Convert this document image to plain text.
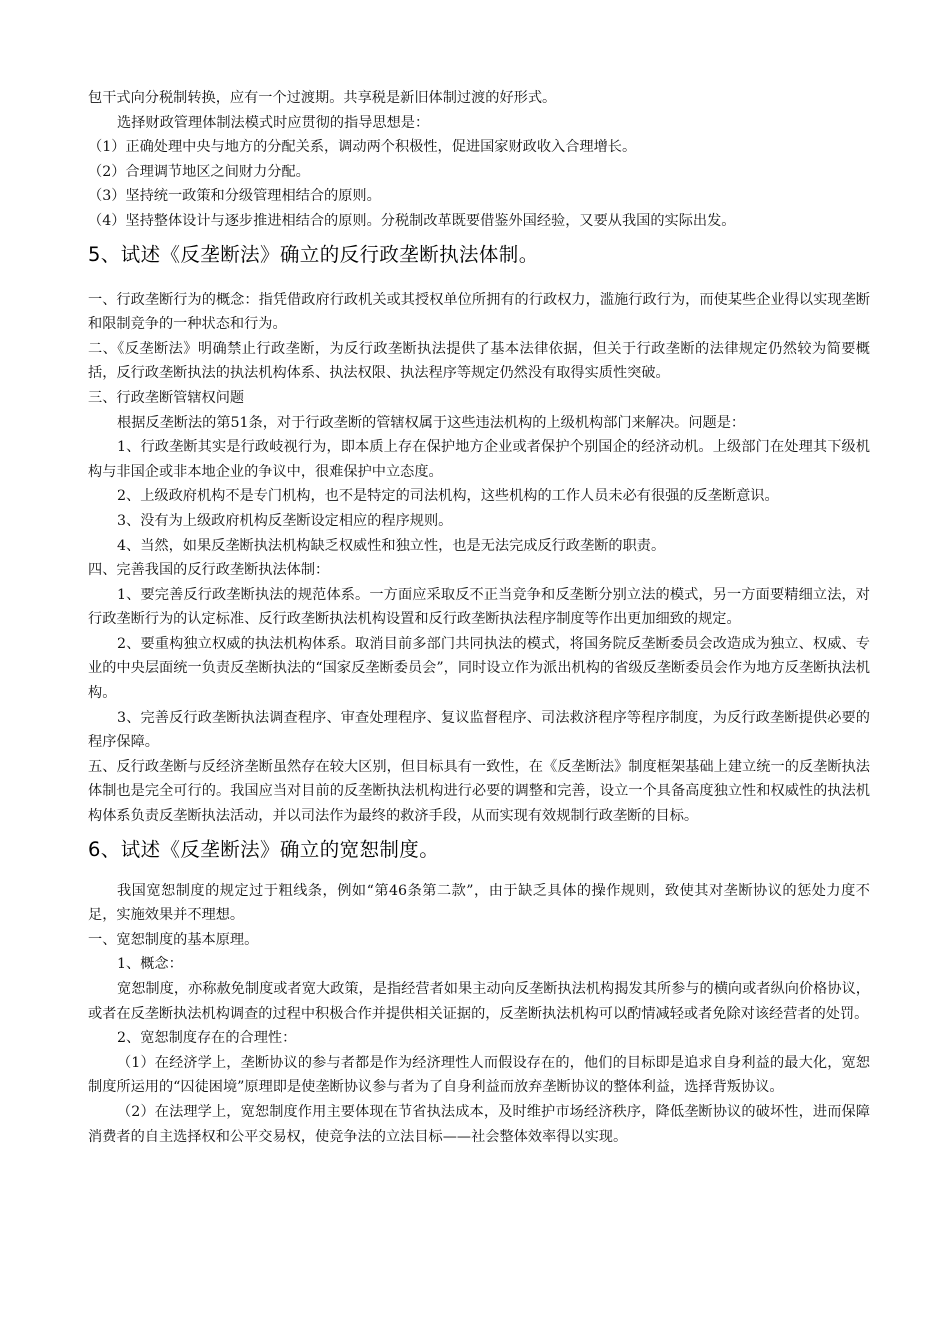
包干式向分税制转换，应有一个过渡期。共享税是新旧体制过渡的好形式。

选择财政管理体制法模式时应贯彻的指导思想是：

（1）正确处理中央与地方的分配关系，调动两个积极性，促进国家财政收入合理增长。

（2）合理调节地区之间财力分配。

（3）坚持统一政策和分级管理相结合的原则。

（4）坚持整体设计与逐步推进相结合的原则。分税制改革既要借鉴外国经验，又要从我国的实际出发。

5、试述《反垄断法》确立的反行政垄断执法体制。

一、行政垄断行为的概念：指凭借政府行政机关或其授权单位所拥有的行政权力，滥施行政行为，而使某些企业得以实现垄断和限制竞争的一种状态和行为。

二、《反垄断法》明确禁止行政垄断，为反行政垄断执法提供了基本法律依据，但关于行政垄断的法律规定仍然较为简要概括，反行政垄断执法的执法机构体系、执法权限、执法程序等规定仍然没有取得实质性突破。

三、行政垄断管辖权问题

根据反垄断法的第51条，对于行政垄断的管辖权属于这些违法机构的上级机构部门来解决。问题是：

1、行政垄断其实是行政岐视行为，即本质上存在保护地方企业或者保护个别国企的经济动机。上级部门在处理其下级机构与非国企或非本地企业的争议中，很难保护中立态度。

2、上级政府机构不是专门机构，也不是特定的司法机构，这些机构的工作人员未必有很强的反垄断意识。

3、没有为上级政府机构反垄断设定相应的程序规则。

4、当然，如果反垄断执法机构缺乏权威性和独立性，也是无法完成反行政垄断的职责。

四、完善我国的反行政垄断执法体制：

1、要完善反行政垄断执法的规范体系。一方面应采取反不正当竞争和反垄断分别立法的模式，另一方面要精细立法，对行政垄断行为的认定标准、反行政垄断执法机构设置和反行政垄断执法程序制度等作出更加细致的规定。

2、要重构独立权威的执法机构体系。取消目前多部门共同执法的模式，将国务院反垄断委员会改造成为独立、权威、专业的中央层面统一负责反垄断执法的“国家反垄断委员会”，同时设立作为派出机构的省级反垄断委员会作为地方反垄断执法机构。

3、完善反行政垄断执法调查程序、审查处理程序、复议监督程序、司法救济程序等程序制度，为反行政垄断提供必要的程序保障。

五、反行政垄断与反经济垄断虽然存在较大区别，但目标具有一致性，在《反垄断法》制度框架基础上建立统一的反垄断执法体制也是完全可行的。我国应当对目前的反垄断执法机构进行必要的调整和完善，设立一个具备高度独立性和权威性的执法机构体系负责反垄断执法活动，并以司法作为最终的救济手段，从而实现有效规制行政垄断的目标。

6、试述《反垄断法》确立的宽恕制度。

我国宽恕制度的规定过于粗线条，例如“第46条第二款”，由于缺乏具体的操作规则，致使其对垄断协议的惩处力度不足，实施效果并不理想。

一、宽恕制度的基本原理。

1、概念：

宽恕制度，亦称赦免制度或者宽大政策，是指经营者如果主动向反垄断执法机构揭发其所参与的横向或者纵向价格协议，或者在反垄断执法机构调查的过程中积极合作并提供相关证据的，反垄断执法机构可以酌情减轻或者免除对该经营者的处罚。

2、宽恕制度存在的合理性：

（1）在经济学上，垄断协议的参与者都是作为经济理性人而假设存在的，他们的目标即是追求自身利益的最大化，宽恕制度所运用的“囚徒困境”原理即是使垄断协议参与者为了自身利益而放弃垄断协议的整体利益，选择背叛协议。

（2）在法理学上，宽恕制度作用主要体现在节省执法成本，及时维护市场经济秩序，降低垄断协议的破坏性，进而保障消费者的自主选择权和公平交易权，使竞争法的立法目标——社会整体效率得以实现。
